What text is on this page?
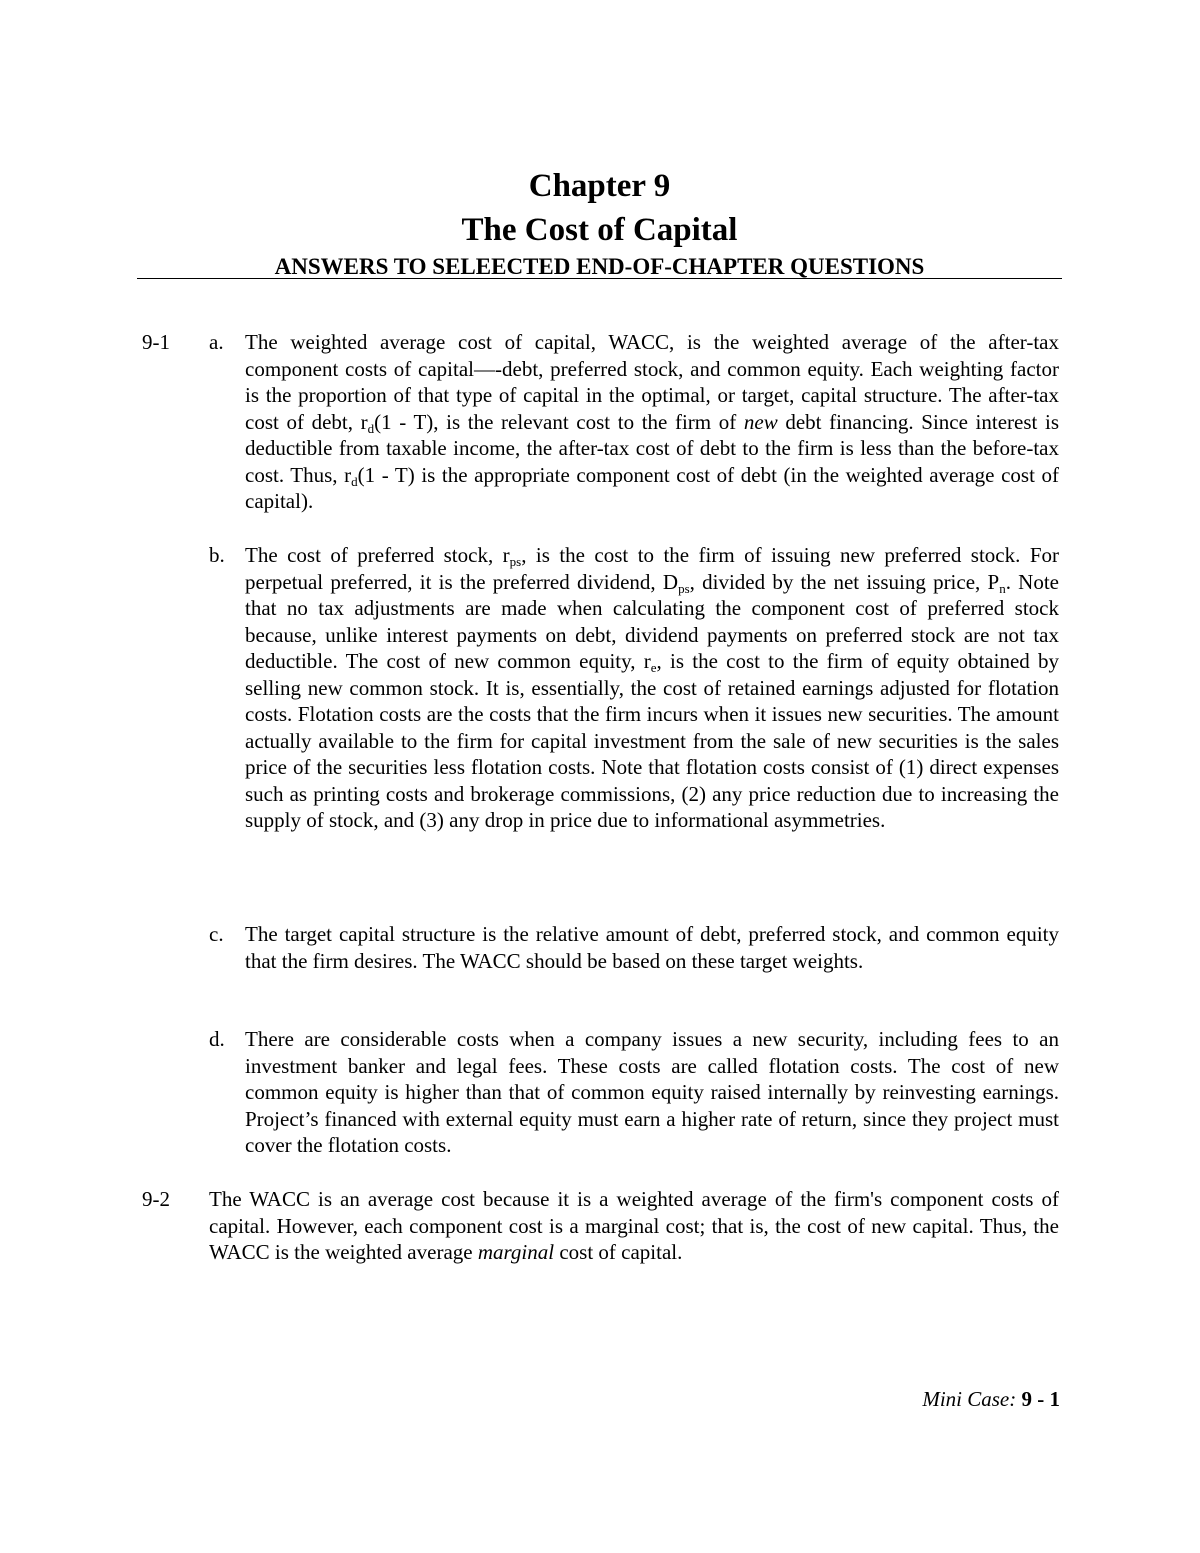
Chapter 9
The Cost of Capital
ANSWERS TO SELEECTED END-OF-CHAPTER QUESTIONS
9-1 a. The weighted average cost of capital, WACC, is the weighted average of the after-tax component costs of capital—-debt, preferred stock, and common equity. Each weighting factor is the proportion of that type of capital in the optimal, or target, capital structure. The after-tax cost of debt, $r_d(1 - T)$, is the relevant cost to the firm of new debt financing. Since interest is deductible from taxable income, the after-tax cost of debt to the firm is less than the before-tax cost. Thus, $r_d(1 - T)$ is the appropriate component cost of debt (in the weighted average cost of capital).

b. The cost of preferred stock, $r_{ps}$, is the cost to the firm of issuing new preferred stock. For perpetual preferred, it is the preferred dividend, $D_{ps}$, divided by the net issuing price, $P_n$. Note that no tax adjustments are made when calculating the component cost of preferred stock because, unlike interest payments on debt, dividend payments on preferred stock are not tax deductible. The cost of new common equity, $r_e$, is the cost to the firm of equity obtained by selling new common stock. It is, essentially, the cost of retained earnings adjusted for flotation costs. Flotation costs are the costs that the firm incurs when it issues new securities. The amount actually available to the firm for capital investment from the sale of new securities is the sales price of the securities less flotation costs. Note that flotation costs consist of (1) direct expenses such as printing costs and brokerage commissions, (2) any price reduction due to increasing the supply of stock, and (3) any drop in price due to informational asymmetries.

c. The target capital structure is the relative amount of debt, preferred stock, and common equity that the firm desires. The WACC should be based on these target weights.

d. There are considerable costs when a company issues a new security, including fees to an investment banker and legal fees. These costs are called flotation costs. The cost of new common equity is higher than that of common equity raised internally by reinvesting earnings. Project’s financed with external equity must earn a higher rate of return, since they project must cover the flotation costs.

9-2 The WACC is an average cost because it is a weighted average of the firm's component costs of capital. However, each component cost is a marginal cost; that is, the cost of new capital. Thus, the WACC is the weighted average marginal cost of capital.

Mini Case: 9 - 1
